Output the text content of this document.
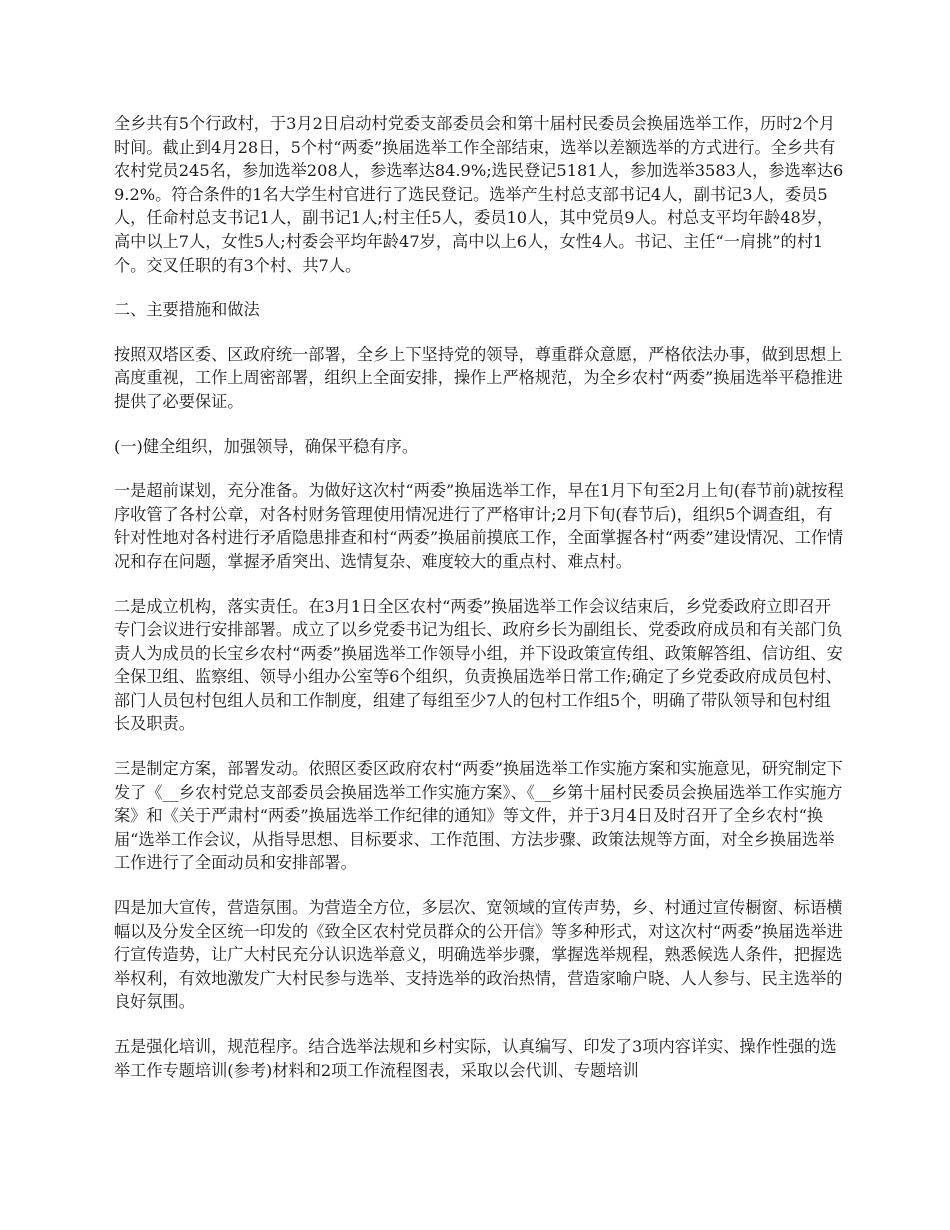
全乡共有5个行政村，于3月2日启动村党委支部委员会和第十届村民委员会换届选举工作，历时2个月时间。截止到4月28日，5个村“两委”换届选举工作全部结束，选举以差额选举的方式进行。全乡共有农村党员245名，参加选举208人，参选率达84.9%;选民登记5181人，参加选举3583人，参选率达69.2%。符合条件的1名大学生村官进行了选民登记。选举产生村总支部书记4人，副书记3人，委员5人，任命村总支书记1人，副书记1人;村主任5人，委员10人，其中党员9人。村总支平均年龄48岁，高中以上7人，女性5人;村委会平均年龄47岁，高中以上6人，女性4人。书记、主任“一肩挑”的村1个。交叉任职的有3个村、共7人。

二、主要措施和做法

按照双塔区委、区政府统一部署，全乡上下坚持党的领导，尊重群众意愿，严格依法办事，做到思想上高度重视，工作上周密部署，组织上全面安排，操作上严格规范，为全乡农村“两委”换届选举平稳推进提供了必要保证。

(一)健全组织，加强领导，确保平稳有序。

一是超前谋划，充分准备。为做好这次村“两委”换届选举工作，早在1月下旬至2月上旬(春节前)就按程序收管了各村公章，对各村财务管理使用情况进行了严格审计;2月下旬(春节后)，组织5个调查组，有针对性地对各村进行矛盾隐患排查和村“两委”换届前摸底工作，全面掌握各村“两委”建设情况、工作情况和存在问题，掌握矛盾突出、选情复杂、难度较大的重点村、难点村。

二是成立机构，落实责任。在3月1日全区农村“两委”换届选举工作会议结束后，乡党委政府立即召开专门会议进行安排部署。成立了以乡党委书记为组长、政府乡长为副组长、党委政府成员和有关部门负责人为成员的长宝乡农村“两委”换届选举工作领导小组，并下设政策宣传组、政策解答组、信访组、安全保卫组、监察组、领导小组办公室等6个组织，负责换届选举日常工作;确定了乡党委政府成员包村、部门人员包村包组人员和工作制度，组建了每组至少7人的包村工作组5个，明确了带队领导和包村组长及职责。

三是制定方案，部署发动。依照区委区政府农村“两委”换届选举工作实施方案和实施意见，研究制定下发了《__乡农村党总支部委员会换届选举工作实施方案》、《__乡第十届村民委员会换届选举工作实施方案》和《关于严肃村“两委”换届选举工作纪律的通知》等文件，并于3月4日及时召开了全乡农村“换届“选举工作会议，从指导思想、目标要求、工作范围、方法步骤、政策法规等方面，对全乡换届选举工作进行了全面动员和安排部署。

四是加大宣传，营造氛围。为营造全方位，多层次、宽领域的宣传声势，乡、村通过宣传橱窗、标语横幅以及分发全区统一印发的《致全区农村党员群众的公开信》等多种形式，对这次村“两委”换届选举进行宣传造势，让广大村民充分认识选举意义，明确选举步骤，掌握选举规程，熟悉候选人条件，把握选举权利，有效地激发广大村民参与选举、支持选举的政治热情，营造家喻户晓、人人参与、民主选举的良好氛围。

五是强化培训，规范程序。结合选举法规和乡村实际，认真编写、印发了3项内容详实、操作性强的选举工作专题培训(参考)材料和2项工作流程图表，采取以会代训、专题培训
